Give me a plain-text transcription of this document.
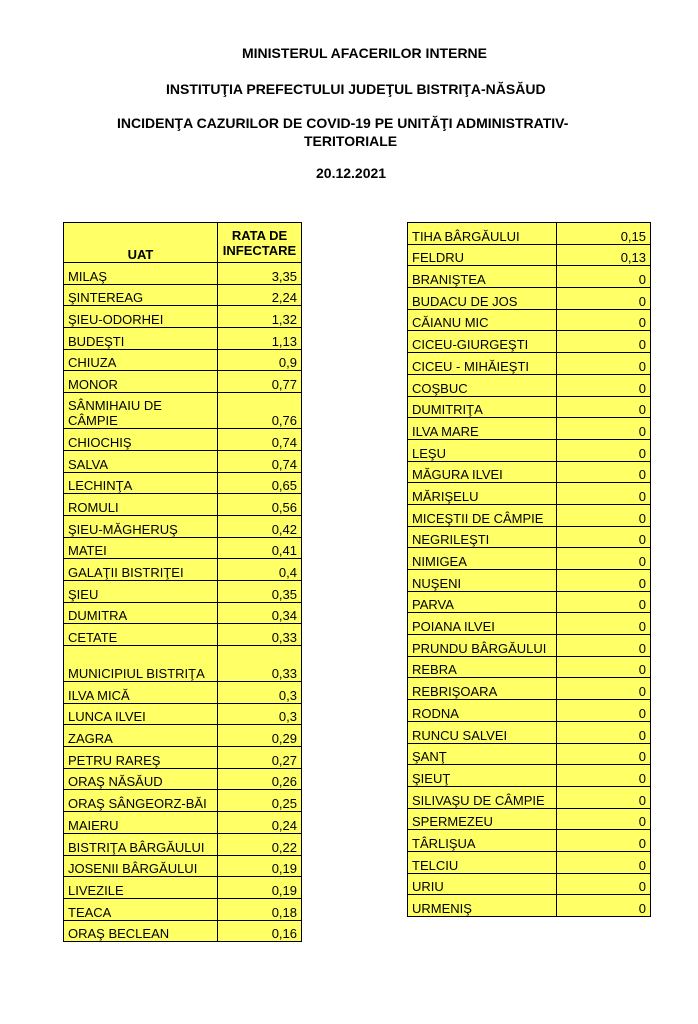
MINISTERUL AFACERILOR INTERNE
INSTITUŢIA PREFECTULUI JUDEŢUL BISTRIŢA-NĂSĂUD
INCIDENŢA CAZURILOR DE COVID-19 PE UNITĂŢI ADMINISTRATIV-
TERITORIALE
20.12.2021
UAT	RATA DE
INFECTARE

MILAŞ	3,35
ŞINTEREAG	2,24
ŞIEU-ODORHEI	1,32
BUDEŞTI	1,13
CHIUZA	0,9
MONOR	0,77
SÂNMIHAIU DE CÂMPIE	0,76
CHIOCHIŞ	0,74
SALVA	0,74
LECHINŢA	0,65
ROMULI	0,56
ŞIEU-MĂGHERUŞ	0,42
MATEI	0,41
GALAŢII BISTRIŢEI	0,4
ŞIEU	0,35
DUMITRA	0,34
CETATE	0,33
MUNICIPIUL BISTRIŢA	0,33
ILVA MICĂ	0,3
LUNCA ILVEI	0,3
ZAGRA	0,29
PETRU RAREŞ	0,27
ORAŞ NĂSĂUD	0,26
ORAŞ SÂNGEORZ-BĂI	0,25
MAIERU	0,24
BISTRIŢA BÂRGĂULUI	0,22
JOSENII BÂRGĂULUI	0,19
LIVEZILE	0,19
TEACA	0,18
ORAŞ BECLEAN	0,16
TIHA BÂRGĂULUI	0,15
FELDRU	0,13
BRANIŞTEA	0
BUDACU DE JOS	0
CĂIANU MIC	0
CICEU-GIURGEŞTI	0
CICEU - MIHĂIEŞTI	0
COŞBUC	0
DUMITRIŢA	0
ILVA MARE	0
LEŞU	0
MĂGURA ILVEI	0
MĂRIŞELU	0
MICEŞTII DE CÂMPIE	0
NEGRILEŞTI	0
NIMIGEA	0
NUŞENI	0
PARVA	0
POIANA ILVEI	0
PRUNDU BÂRGĂULUI	0
REBRA	0
REBRIŞOARA	0
RODNA	0
RUNCU SALVEI	0
ŞANŢ	0
ŞIEUŢ	0
SILIVAŞU DE CÂMPIE	0
SPERMEZEU	0
TÂRLIŞUA	0
TELCIU	0
URIU	0
URMENIŞ	0
